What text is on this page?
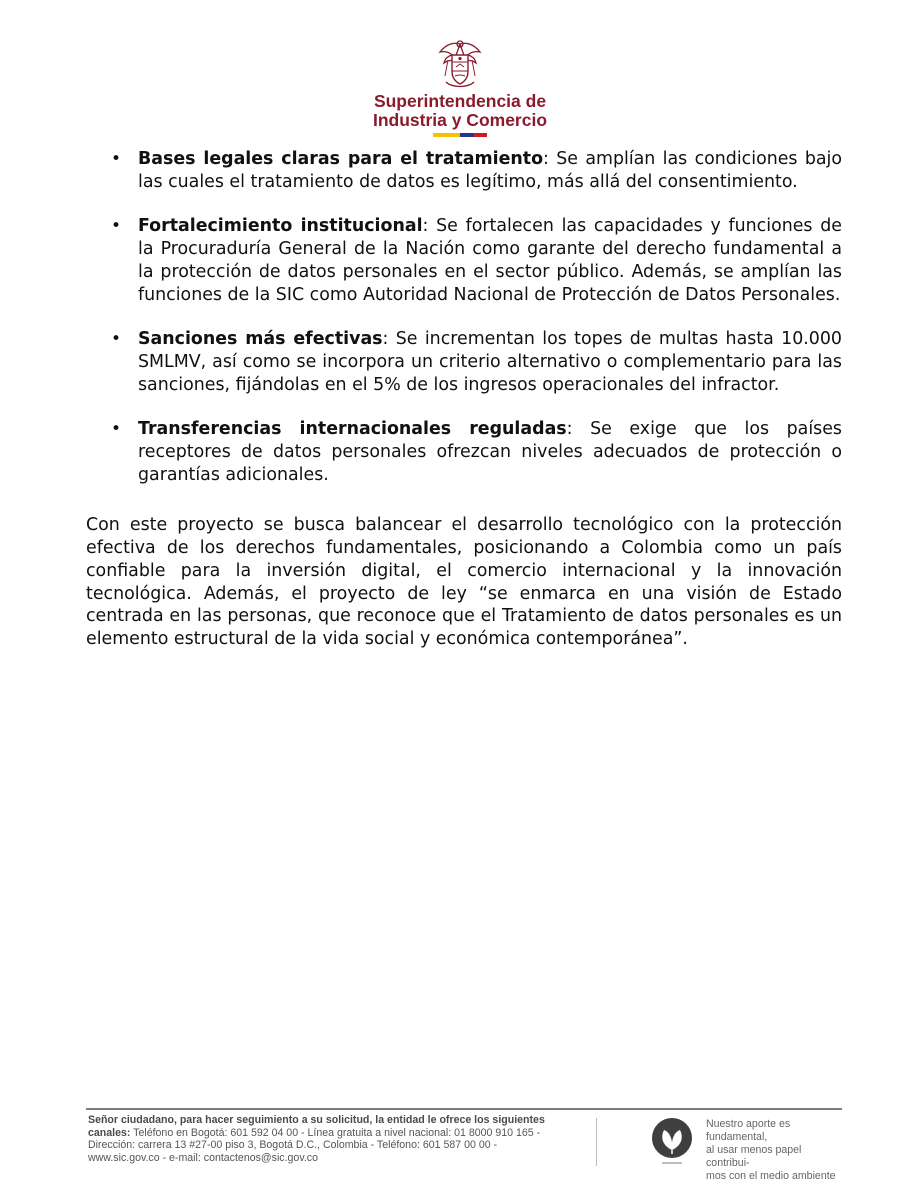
Superintendencia de
Industria y Comercio
• Bases legales claras para el tratamiento: Se amplían las condiciones bajo las cuales el tratamiento de datos es legítimo, más allá del consentimiento.
• Fortalecimiento institucional: Se fortalecen las capacidades y funciones de la Procuraduría General de la Nación como garante del derecho fundamental a la protección de datos personales en el sector público. Además, se amplían las funciones de la SIC como Autoridad Nacional de Protección de Datos Personales.
• Sanciones más efectivas: Se incrementan los topes de multas hasta 10.000 SMLMV, así como se incorpora un criterio alternativo o complementario para las sanciones, fijándolas en el 5% de los ingresos operacionales del infractor.
• Transferencias internacionales reguladas: Se exige que los países receptores de datos personales ofrezcan niveles adecuados de protección o garantías adicionales.

Con este proyecto se busca balancear el desarrollo tecnológico con la protección efectiva de los derechos fundamentales, posicionando a Colombia como un país confiable para la inversión digital, el comercio internacional y la innovación tecnológica. Además, el proyecto de ley “se enmarca en una visión de Estado centrada en las personas, que reconoce que el Tratamiento de datos personales es un elemento estructural de la vida social y económica contemporánea”.

Señor ciudadano, para hacer seguimiento a su solicitud, la entidad le ofrece los siguientes
canales: Teléfono en Bogotá: 601 592 04 00 - Línea gratuita a nivel nacional: 01 8000 910 165 -
Dirección: carrera 13 #27-00 piso 3, Bogotá D.C., Colombia - Teléfono: 601 587 00 00 -
www.sic.gov.co - e-mail: contactenos@sic.gov.co
Nuestro aporte es fundamental,
al usar menos papel contribui-
mos con el medio ambiente
